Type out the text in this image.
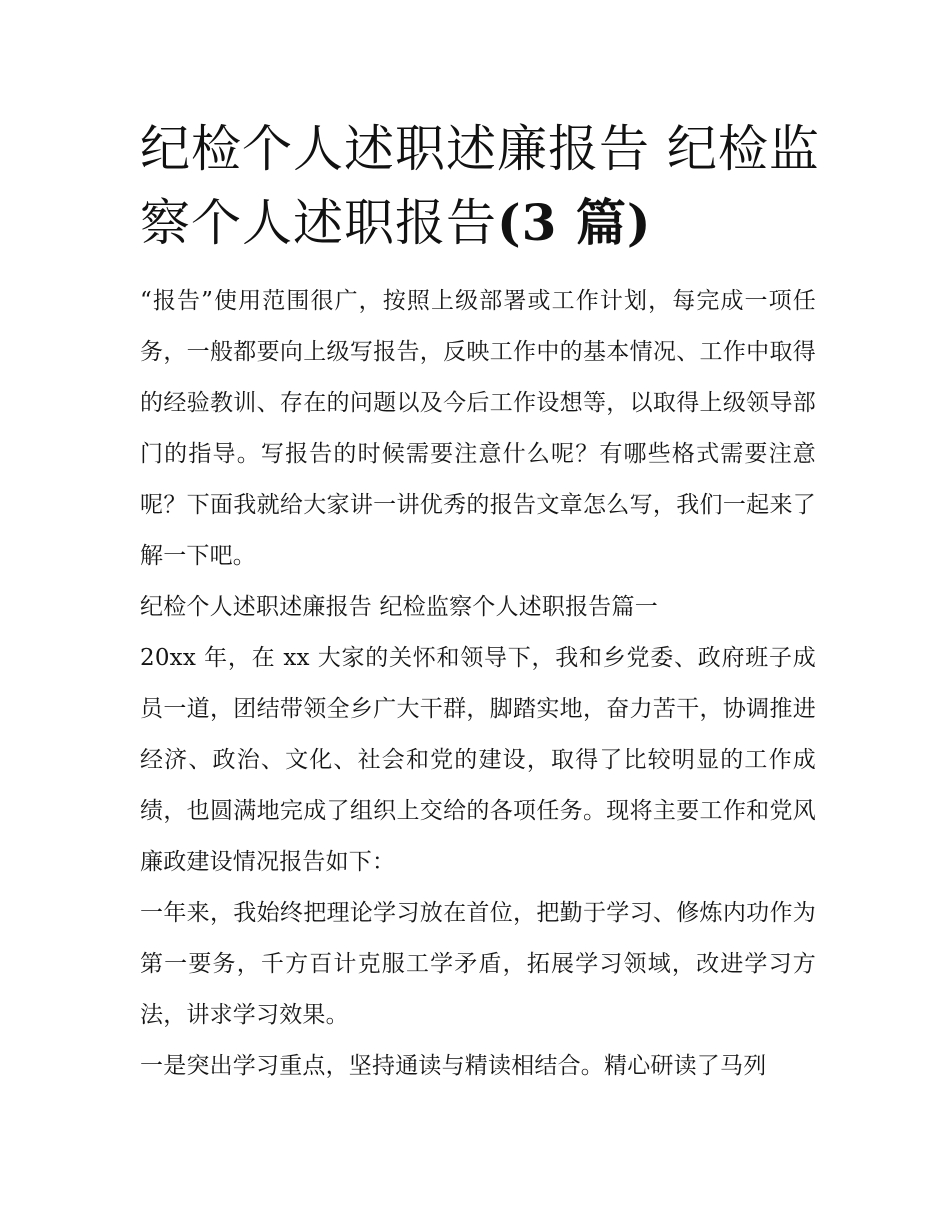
纪检个人述职述廉报告 纪检监察个人述职报告(3 篇)

“报告”使用范围很广，按照上级部署或工作计划，每完成一项任务，一般都要向上级写报告，反映工作中的基本情况、工作中取得的经验教训、存在的问题以及今后工作设想等，以取得上级领导部门的指导。写报告的时候需要注意什么呢？有哪些格式需要注意呢？下面我就给大家讲一讲优秀的报告文章怎么写，我们一起来了解一下吧。

纪检个人述职述廉报告 纪检监察个人述职报告篇一

20xx 年，在 xx 大家的关怀和领导下，我和乡党委、政府班子成员一道，团结带领全乡广大干群，脚踏实地，奋力苦干，协调推进经济、政治、文化、社会和党的建设，取得了比较明显的工作成绩，也圆满地完成了组织上交给的各项任务。现将主要工作和党风廉政建设情况报告如下：

一年来，我始终把理论学习放在首位，把勤于学习、修炼内功作为第一要务，千方百计克服工学矛盾，拓展学习领域，改进学习方法，讲求学习效果。

一是突出学习重点，坚持通读与精读相结合。精心研读了马列
